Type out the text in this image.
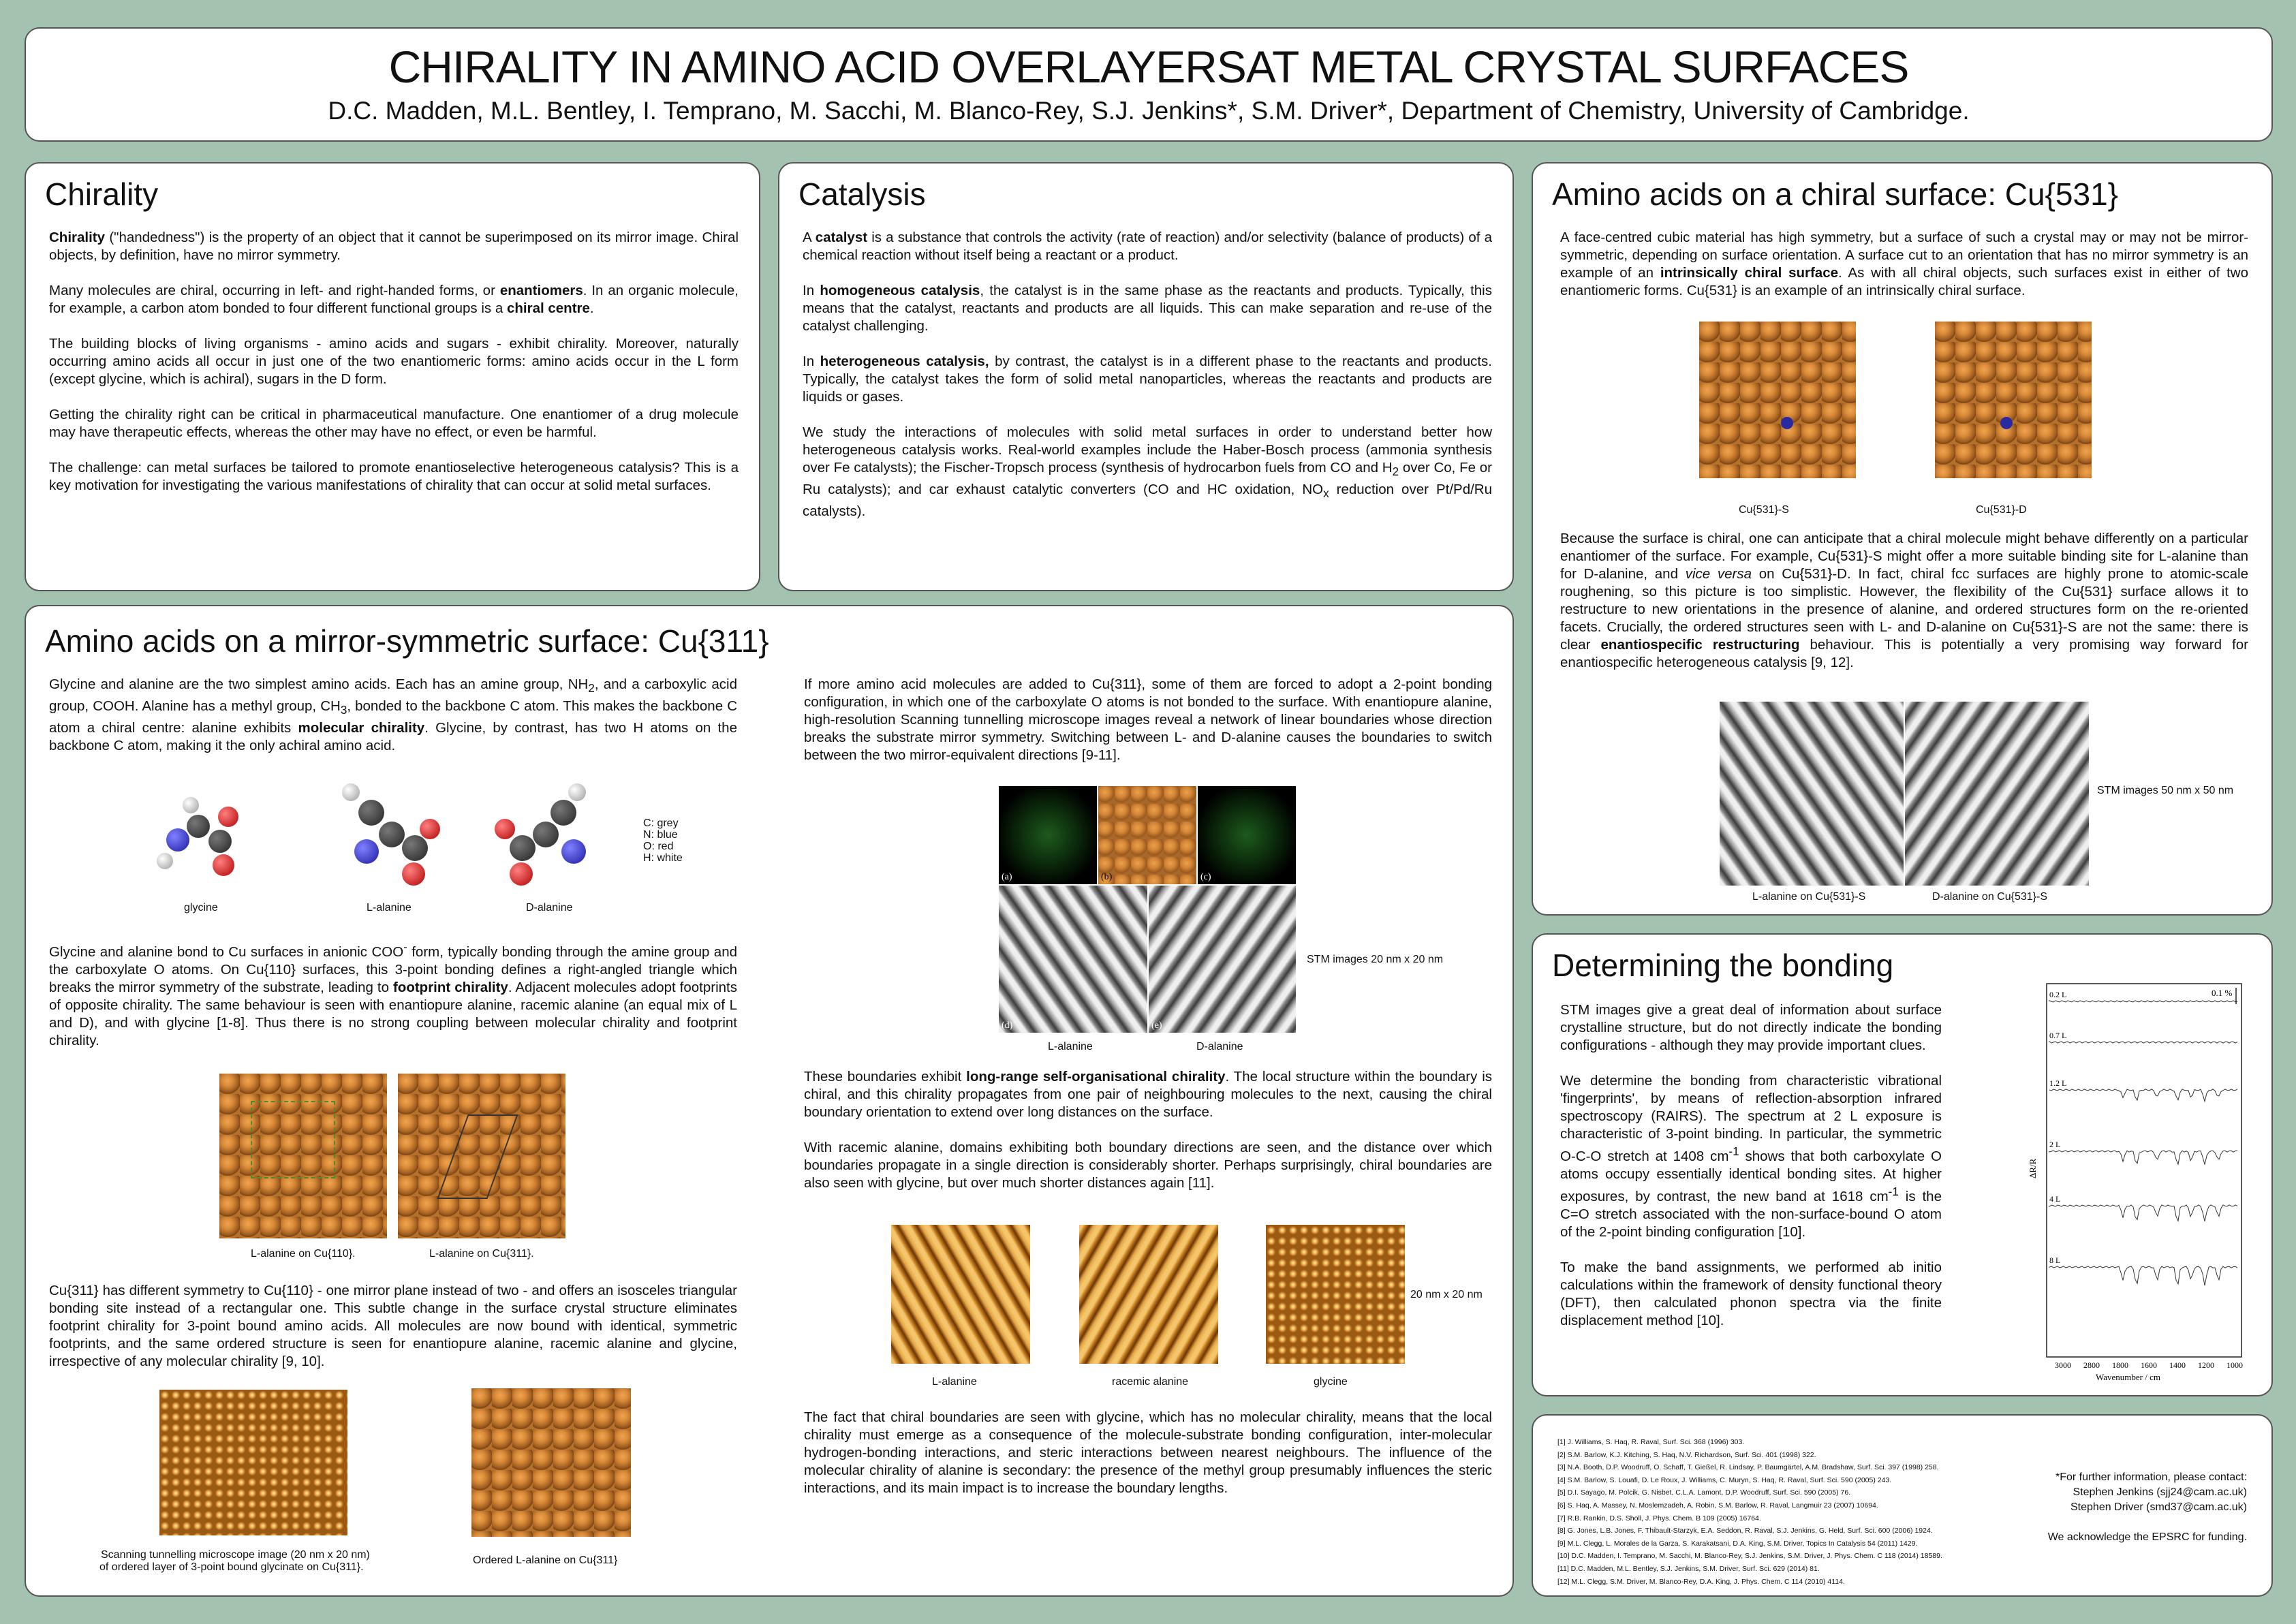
CHIRALITY IN AMINO ACID OVERLAYERSAT METAL CRYSTAL SURFACES
D.C. Madden, M.L. Bentley, I. Temprano, M. Sacchi, M. Blanco-Rey, S.J. Jenkins*, S.M. Driver*, Department of Chemistry, University of Cambridge.
Chirality

Chirality ("handedness") is the property of an object that it cannot be superimposed on its mirror image. Chiral objects, by definition, have no mirror symmetry.

Many molecules are chiral, occurring in left- and right-handed forms, or enantiomers. In an organic molecule, for example, a carbon atom bonded to four different functional groups is a chiral centre.

The building blocks of living organisms - amino acids and sugars - exhibit chirality. Moreover, naturally occurring amino acids all occur in just one of the two enantiomeric forms: amino acids occur in the L form (except glycine, which is achiral), sugars in the D form.

Getting the chirality right can be critical in pharmaceutical manufacture. One enantiomer of a drug molecule may have therapeutic effects, whereas the other may have no effect, or even be harmful.

The challenge: can metal surfaces be tailored to promote enantioselective heterogeneous catalysis? This is a key motivation for investigating the various manifestations of chirality that can occur at solid metal surfaces.

Catalysis

A catalyst is a substance that controls the activity (rate of reaction) and/or selectivity (balance of products) of a chemical reaction without itself being a reactant or a product.

In homogeneous catalysis, the catalyst is in the same phase as the reactants and products. Typically, this means that the catalyst, reactants and products are all liquids. This can make separation and re-use of the catalyst challenging.

In heterogeneous catalysis, by contrast, the catalyst is in a different phase to the reactants and products. Typically, the catalyst takes the form of solid metal nanoparticles, whereas the reactants and products are liquids or gases.

We study the interactions of molecules with solid metal surfaces in order to understand better how heterogeneous catalysis works. Real-world examples include the Haber-Bosch process (ammonia synthesis over Fe catalysts); the Fischer-Tropsch process (synthesis of hydrocarbon fuels from CO and $H_2$ over Co, Fe or Ru catalysts); and car exhaust catalytic converters (CO and HC oxidation, $NO_x$ reduction over Pt/Pd/Ru catalysts).

Amino acids on a chiral surface: Cu{531}

A face-centred cubic material has high symmetry, but a surface of such a crystal may or may not be mirror-symmetric, depending on surface orientation. A surface cut to an orientation that has no mirror symmetry is an example of an intrinsically chiral surface. As with all chiral objects, such surfaces exist in either of two enantiomeric forms. Cu{531} is an example of an intrinsically chiral surface.

Cu{531}-S	Cu{531}-D

Because the surface is chiral, one can anticipate that a chiral molecule might behave differently on a particular enantiomer of the surface. For example, Cu{531}-S might offer a more suitable binding site for L-alanine than for D-alanine, and vice versa on Cu{531}-D. In fact, chiral fcc surfaces are highly prone to atomic-scale roughening, so this picture is too simplistic. However, the flexibility of the Cu{531} surface allows it to restructure to new orientations in the presence of alanine, and ordered structures form on the re-oriented facets. Crucially, the ordered structures seen with L- and D-alanine on Cu{531}-S are not the same: there is clear enantiospecific restructuring behaviour. This is potentially a very promising way forward for enantiospecific heterogeneous catalysis [9, 12].

STM images 50 nm x 50 nm
L-alanine on Cu{531}-S	D-alanine on Cu{531}-S
Amino acids on a mirror-symmetric surface: Cu{311}

Glycine and alanine are the two simplest amino acids. Each has an amine group, $NH_2$, and a carboxylic acid group, COOH. Alanine has a methyl group, $CH_3$, bonded to the backbone C atom. This makes the backbone C atom a chiral centre: alanine exhibits molecular chirality. Glycine, by contrast, has two H atoms on the backbone C atom, making it the only achiral amino acid.

glycine	L-alanine	D-alanine
C: grey
N: blue
O: red
H: white

Glycine and alanine bond to Cu surfaces in anionic COO- form, typically bonding through the amine group and the carboxylate O atoms. On Cu{110} surfaces, this 3-point bonding defines a right-angled triangle which breaks the mirror symmetry of the substrate, leading to footprint chirality. Adjacent molecules adopt footprints of opposite chirality. The same behaviour is seen with enantiopure alanine, racemic alanine (an equal mix of L and D), and with glycine [1-8]. Thus there is no strong coupling between molecular chirality and footprint chirality.

L-alanine on Cu{110}.	L-alanine on Cu{311}.

Cu{311} has different symmetry to Cu{110} - one mirror plane instead of two - and offers an isosceles triangular bonding site instead of a rectangular one. This subtle change in the surface crystal structure eliminates footprint chirality for 3-point bound amino acids. All molecules are now bound with identical, symmetric footprints, and the same ordered structure is seen for enantiopure alanine, racemic alanine and glycine, irrespective of any molecular chirality [9, 10].

Scanning tunnelling microscope image (20 nm x 20 nm)
of ordered layer of 3-point bound glycinate on Cu{311}.
Ordered L-alanine on Cu{311}

If more amino acid molecules are added to Cu{311}, some of them are forced to adopt a 2-point bonding configuration, in which one of the carboxylate O atoms is not bonded to the surface. With enantiopure alanine, high-resolution Scanning tunnelling microscope images reveal a network of linear boundaries whose direction breaks the substrate mirror symmetry. Switching between L- and D-alanine causes the boundaries to switch between the two mirror-equivalent directions [9-11].

(a)	(b)	(c)
(d)	(e)
STM images 20 nm x 20 nm
L-alanine	D-alanine

These boundaries exhibit long-range self-organisational chirality. The local structure within the boundary is chiral, and this chirality propagates from one pair of neighbouring molecules to the next, causing the chiral boundary orientation to extend over long distances on the surface.

With racemic alanine, domains exhibiting both boundary directions are seen, and the distance over which boundaries propagate in a single direction is considerably shorter. Perhaps surprisingly, chiral boundaries are also seen with glycine, but over much shorter distances again [11].

20 nm x 20 nm
L-alanine	racemic alanine	glycine

The fact that chiral boundaries are seen with glycine, which has no molecular chirality, means that the local chirality must emerge as a consequence of the molecule-substrate bonding configuration, inter-molecular hydrogen-bonding interactions, and steric interactions between nearest neighbours. The influence of the molecular chirality of alanine is secondary: the presence of the methyl group presumably influences the steric interactions, and its main impact is to increase the boundary lengths.

Determining the bonding

STM images give a great deal of information about surface crystalline structure, but do not directly indicate the bonding configurations - although they may provide important clues.

We determine the bonding from characteristic vibrational 'fingerprints', by means of reflection-absorption infrared spectroscopy (RAIRS). The spectrum at 2 L exposure is characteristic of 3-point binding. In particular, the symmetric O-C-O stretch at 1408 $cm^{-1}$ shows that both carboxylate O atoms occupy essentially identical bonding sites. At higher exposures, by contrast, the new band at 1618 $cm^{-1}$ is the C=O stretch associated with the non-surface-bound O atom of the 2-point binding configuration [10].

To make the band assignments, we performed ab initio calculations within the framework of density functional theory (DFT), then calculated phonon spectra via the finite displacement method [10].

0.2 L
0.7 L
1.2 L
2 L
4 L
8 L
0.1 %
ΔR/R
Wavenumber / cm
3000 2800 1800 1600 1400 1200 1000
[1] J. Williams, S. Haq, R. Raval, Surf. Sci. 368 (1996) 303.
[2] S.M. Barlow, K.J. Kitching, S. Haq, N.V. Richardson, Surf. Sci. 401 (1998) 322.
[3] N.A. Booth, D.P. Woodruff, O. Schaff, T. Gießel, R. Lindsay, P. Baumgärtel, A.M. Bradshaw, Surf. Sci. 397 (1998) 258.
[4] S.M. Barlow, S. Louafi, D. Le Roux, J. Williams, C. Muryn, S. Haq, R. Raval, Surf. Sci. 590 (2005) 243.
[5] D.I. Sayago, M. Polcik, G. Nisbet, C.L.A. Lamont, D.P. Woodruff, Surf. Sci. 590 (2005) 76.
[6] S. Haq, A. Massey, N. Moslemzadeh, A. Robin, S.M. Barlow, R. Raval, Langmuir 23 (2007) 10694.
[7] R.B. Rankin, D.S. Sholl, J. Phys. Chem. B 109 (2005) 16764.
[8] G. Jones, L.B. Jones, F. Thibault-Starzyk, E.A. Seddon, R. Raval, S.J. Jenkins, G. Held, Surf. Sci. 600 (2006) 1924.
[9] M.L. Clegg, L. Morales de la Garza, S. Karakatsani, D.A. King, S.M. Driver, Topics In Catalysis 54 (2011) 1429.
[10] D.C. Madden, I. Temprano, M. Sacchi, M. Blanco-Rey, S.J. Jenkins, S.M. Driver, J. Phys. Chem. C 118 (2014) 18589.
[11] D.C. Madden, M.L. Bentley, S.J. Jenkins, S.M. Driver, Surf. Sci. 629 (2014) 81.
[12] M.L. Clegg, S.M. Driver, M. Blanco-Rey, D.A. King, J. Phys. Chem. C 114 (2010) 4114.
*For further information, please contact:
Stephen Jenkins (sjj24@cam.ac.uk)
Stephen Driver (smd37@cam.ac.uk)
We acknowledge the EPSRC for funding.
